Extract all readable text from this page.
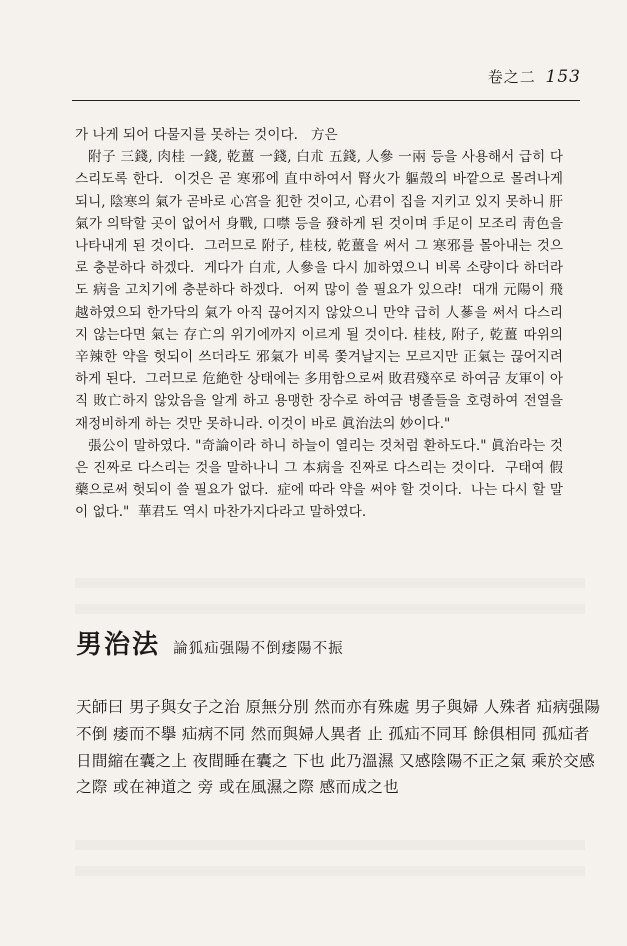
卷之二 153

가 나게 되어 다물지를 못하는 것이다.   方은

附子 三錢, 肉桂 一錢, 乾薑 一錢, 白朮 五錢, 人參 一兩 등을 사용해서 급히 다스리도록 한다.  이것은 곧 寒邪에 直中하여서 腎火가 軀殼의 바깥으로 몰려나게 되니, 陰寒의 氣가 곧바로 心宮을 犯한 것이고, 心君이 집을 지키고 있지 못하니 肝氣가 의탁할 곳이 없어서 身戰, 口噤 등을 發하게 된 것이며 手足이 모조리 靑色을 나타내게 된 것이다.  그러므로 附子, 桂枝, 乾薑을 써서 그 寒邪를 몰아내는 것으로 충분하다 하겠다.  게다가 白朮, 人參을 다시 加하였으니 비록 소량이다 하더라도 病을 고치기에 충분하다 하겠다.  어찌 많이 쓸 필요가 있으랴!  대개 元陽이 飛越하였으되 한가닥의 氣가 아직 끊어지지 않았으니 만약 급히 人蔘을 써서 다스리지 않는다면 氣는 存亡의 위기에까지 이르게 될 것이다. 桂枝, 附子, 乾薑 따위의 辛辣한 약을 헛되이 쓰더라도 邪氣가 비록 쫓겨날지는 모르지만 正氣는 끊어지려 하게 된다.  그러므로 危絶한 상태에는 多用함으로써 敗君殘卒로 하여금 友軍이 아직 敗亡하지 않았음을 알게 하고 용맹한 장수로 하여금 병졸들을 호령하여 전열을 재정비하게 하는 것만 못하니라. 이것이 바로 眞治法의 妙이다."

張公이 말하였다. "奇論이라 하니 하늘이 열리는 것처럼 환하도다." 眞治라는 것은 진짜로 다스리는 것을 말하나니 그 本病을 진짜로 다스리는 것이다.  구태여 假藥으로써 헛되이 쓸 필요가 없다.  症에 따라 약을 써야 할 것이다.  나는 다시 할 말이 없다."  華君도 역시 마찬가지다라고 말하였다.

男治法 論狐疝强陽不倒痿陽不振
天師曰 男子與女子之治 原無分別 然而亦有殊處 男子與婦 人殊者 疝病强陽
不倒 痿而不擧 疝病不同 然而與婦人異者 止 孤疝不同耳 餘俱相同 孤疝者
日間縮在囊之上 夜間睡在囊之 下也 此乃溫濕 又感陰陽不正之氣 乘於交感
之際 或在神道之 旁 或在風濕之際 感而成之也
